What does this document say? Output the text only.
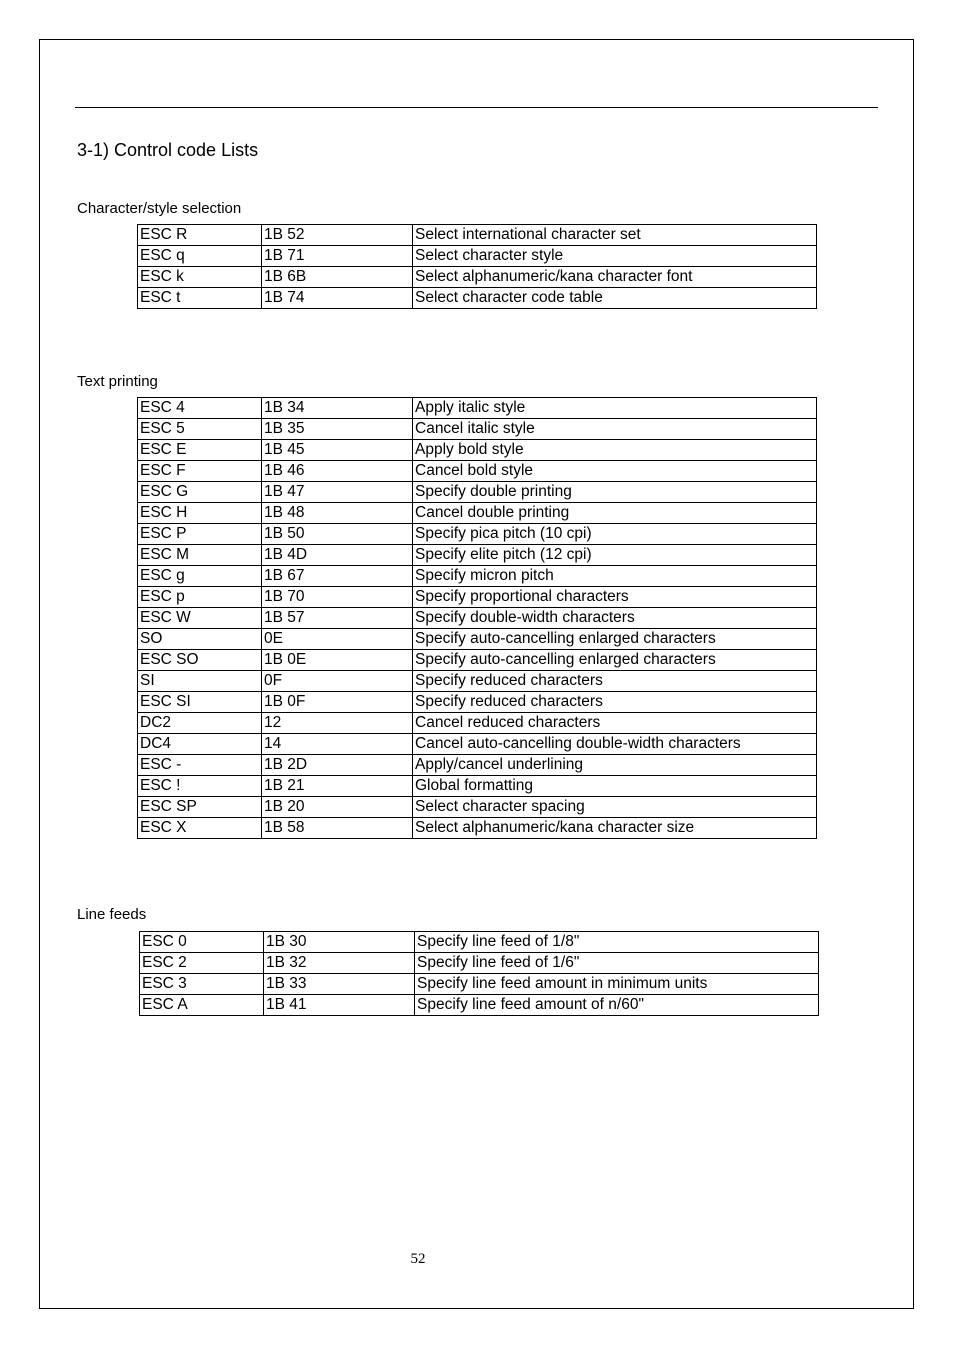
3-1) Control code Lists
Character/style selection
ESC R	1B 52	Select international character set
ESC q	1B 71	Select character style
ESC k	1B 6B	Select alphanumeric/kana character font
ESC t	1B 74	Select character code table
Text printing
ESC 4	1B 34	Apply italic style
ESC 5	1B 35	Cancel italic style
ESC E	1B 45	Apply bold style
ESC F	1B 46	Cancel bold style
ESC G	1B 47	Specify double printing
ESC H	1B 48	Cancel double printing
ESC P	1B 50	Specify pica pitch (10 cpi)
ESC M	1B 4D	Specify elite pitch (12 cpi)
ESC g	1B 67	Specify micron pitch
ESC p	1B 70	Specify proportional characters
ESC W	1B 57	Specify double-width characters
SO	0E	Specify auto-cancelling enlarged characters
ESC SO	1B 0E	Specify auto-cancelling enlarged characters
SI	0F	Specify reduced characters
ESC SI	1B 0F	Specify reduced characters
DC2	12	Cancel reduced characters
DC4	14	Cancel auto-cancelling double-width characters
ESC -	1B 2D	Apply/cancel underlining
ESC !	1B 21	Global formatting
ESC SP	1B 20	Select character spacing
ESC X	1B 58	Select alphanumeric/kana character size
Line feeds
ESC 0	1B 30	Specify line feed of 1/8"
ESC 2	1B 32	Specify line feed of 1/6"
ESC 3	1B 33	Specify line feed amount in minimum units
ESC A	1B 41	Specify line feed amount of n/60"
52
